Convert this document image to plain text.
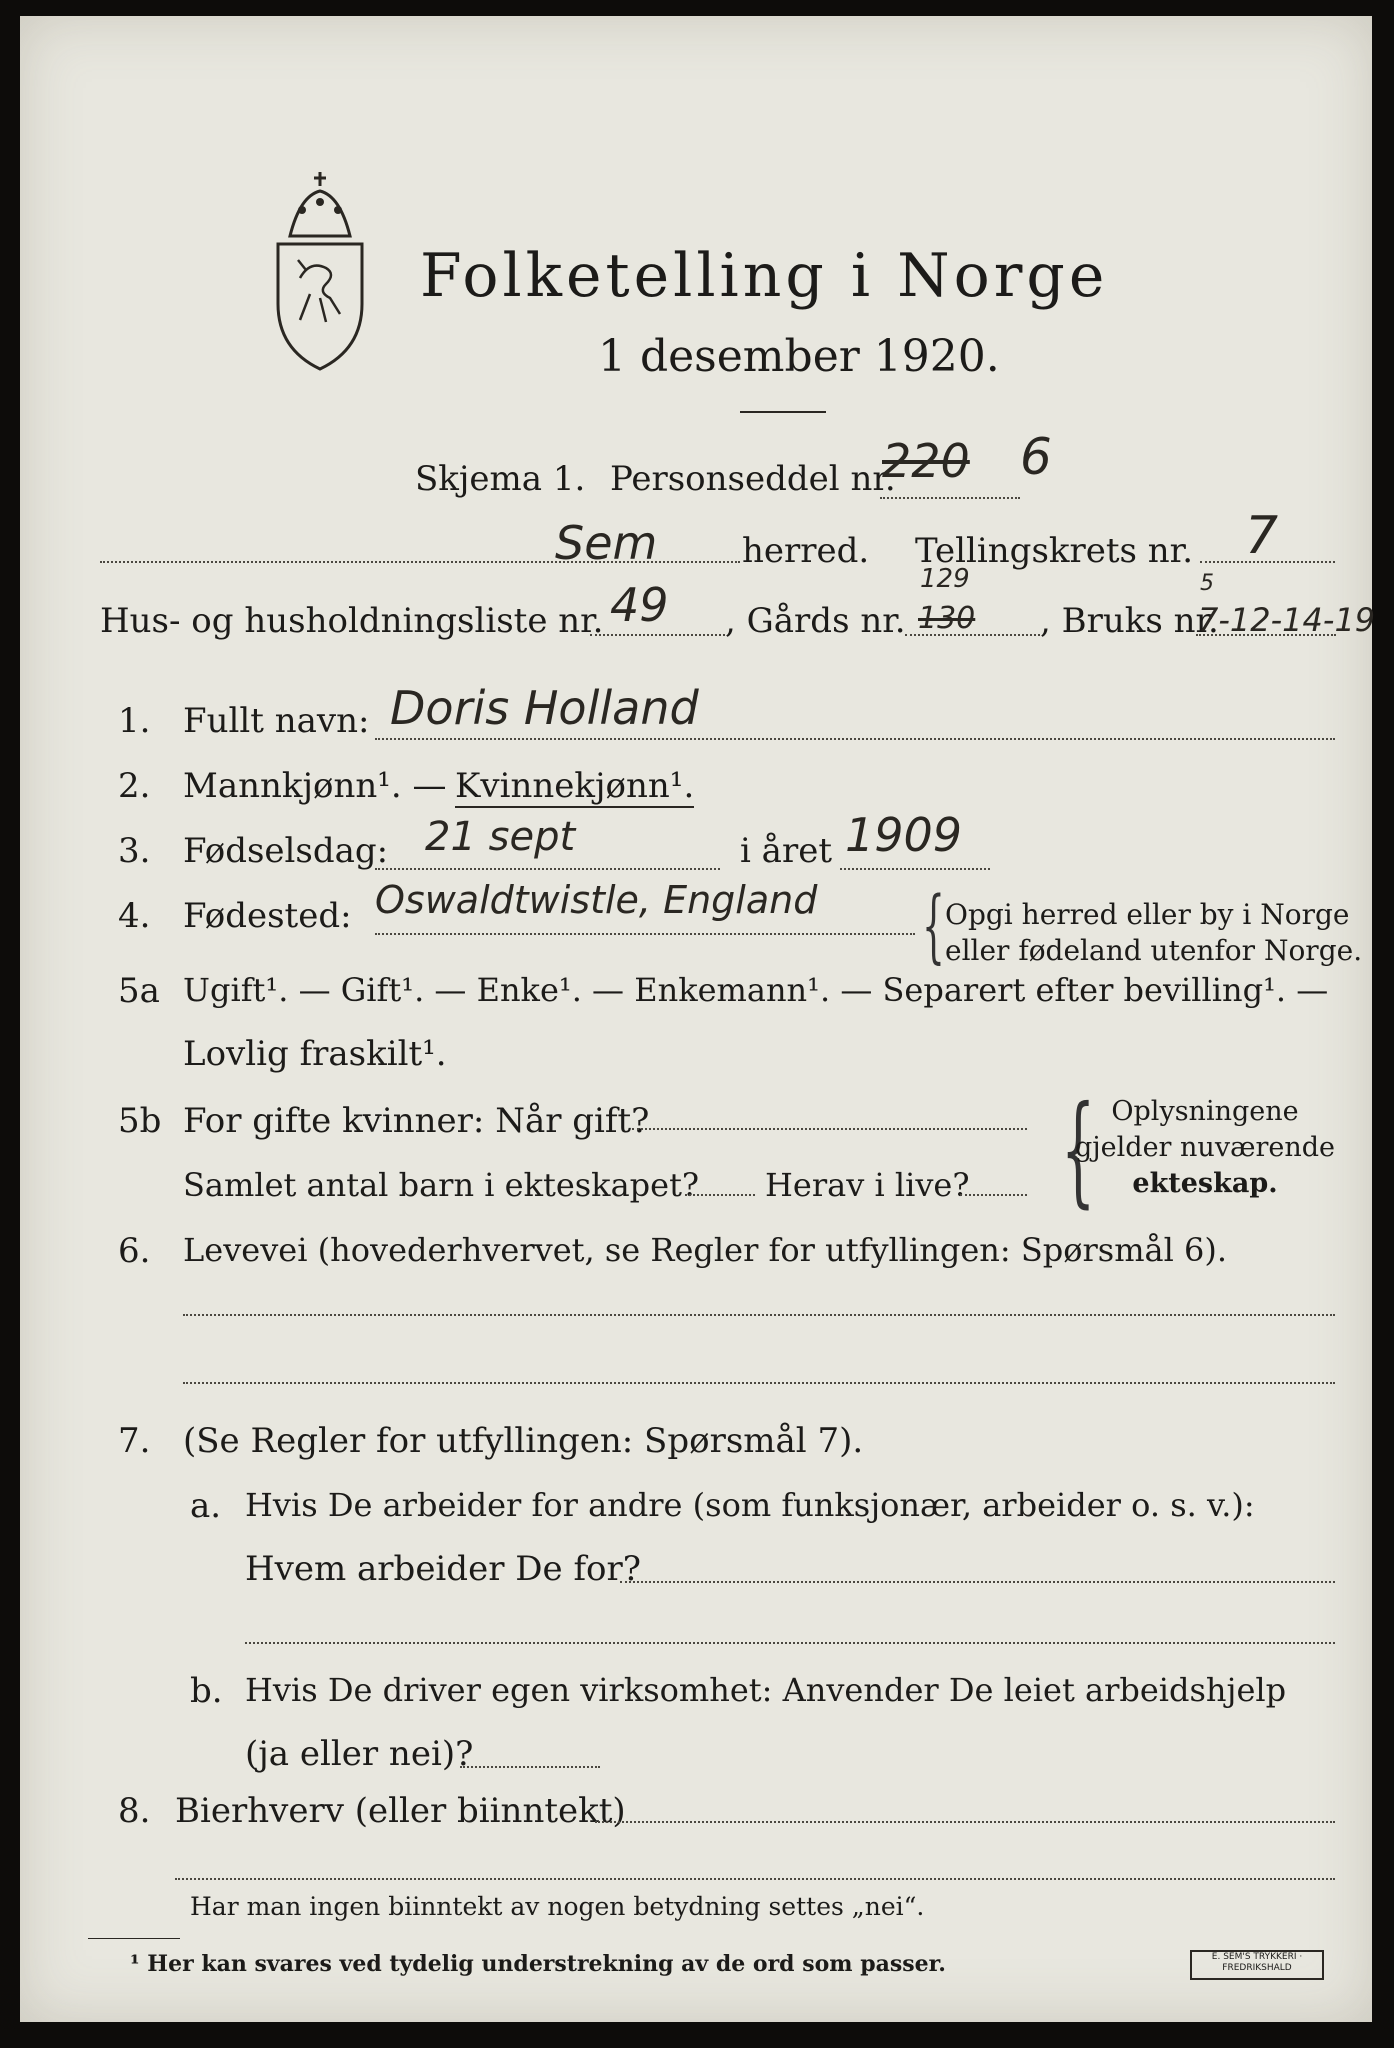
Folketelling i Norge
1 desember 1920.
Skjema 1. Personseddel nr.
220 6
Sem herred. Tellingskrets nr. 7
Hus- og husholdningsliste nr. 49 , Gårds nr.
129
130 , Bruks nr.
5
7-12-14-19
1. Fullt navn: Doris Holland
2. Mannkjønn¹. — Kvinnekjønn¹.
3. Fødselsdag: 21 sept	i året 1909
4. Fødested: Oswaldtwistle, England { Opgi herred eller by i Norge
eller fødeland utenfor Norge.
5a Ugift¹. — Gift¹. — Enke¹. — Enkemann¹. — Separert efter bevilling¹. —
Lovlig fraskilt¹.
5b For gifte kvinner: Når gift?
Samlet antal barn i ekteskapet? Herav i live? { Oplysningene
gjelder nuværende
ekteskap.
6. Levevei (hovederhvervet, se Regler for utfyllingen: Spørsmål 6).
7. (Se Regler for utfyllingen: Spørsmål 7).
a. Hvis De arbeider for andre (som funksjonær, arbeider o. s. v.):
Hvem arbeider De for?
b. Hvis De driver egen virksomhet: Anvender De leiet arbeidshjelp
(ja eller nei)?
8. Bierhverv (eller biinntekt)
Har man ingen biinntekt av nogen betydning settes „nei“.
¹ Her kan svares ved tydelig understrekning av de ord som passer.	E. SEM'S TRYKKERI · FREDRIKSHALD
